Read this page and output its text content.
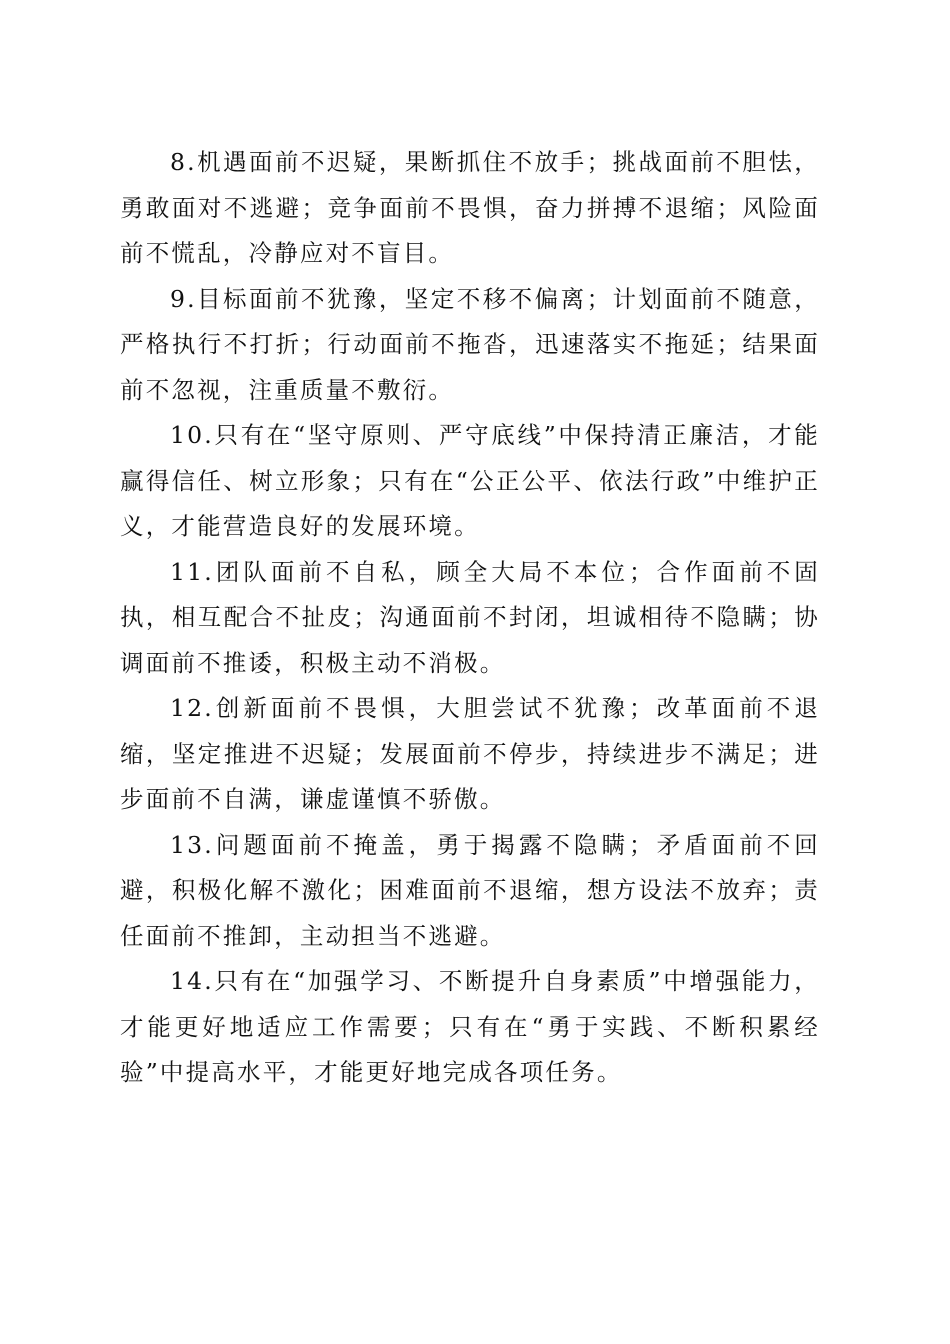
8.机遇面前不迟疑，果断抓住不放手；挑战面前不胆怯，勇敢面对不逃避；竞争面前不畏惧，奋力拼搏不退缩；风险面前不慌乱，冷静应对不盲目。

9.目标面前不犹豫，坚定不移不偏离；计划面前不随意，严格执行不打折；行动面前不拖沓，迅速落实不拖延；结果面前不忽视，注重质量不敷衍。

10.只有在“坚守原则、严守底线”中保持清正廉洁，才能赢得信任、树立形象；只有在“公正公平、依法行政”中维护正义，才能营造良好的发展环境。

11.团队面前不自私，顾全大局不本位；合作面前不固执，相互配合不扯皮；沟通面前不封闭，坦诚相待不隐瞒；协调面前不推诿，积极主动不消极。

12.创新面前不畏惧，大胆尝试不犹豫；改革面前不退缩，坚定推进不迟疑；发展面前不停步，持续进步不满足；进步面前不自满，谦虚谨慎不骄傲。

13.问题面前不掩盖，勇于揭露不隐瞒；矛盾面前不回避，积极化解不激化；困难面前不退缩，想方设法不放弃；责任面前不推卸，主动担当不逃避。

14.只有在“加强学习、不断提升自身素质”中增强能力，才能更好地适应工作需要；只有在“勇于实践、不断积累经验”中提高水平，才能更好地完成各项任务。
